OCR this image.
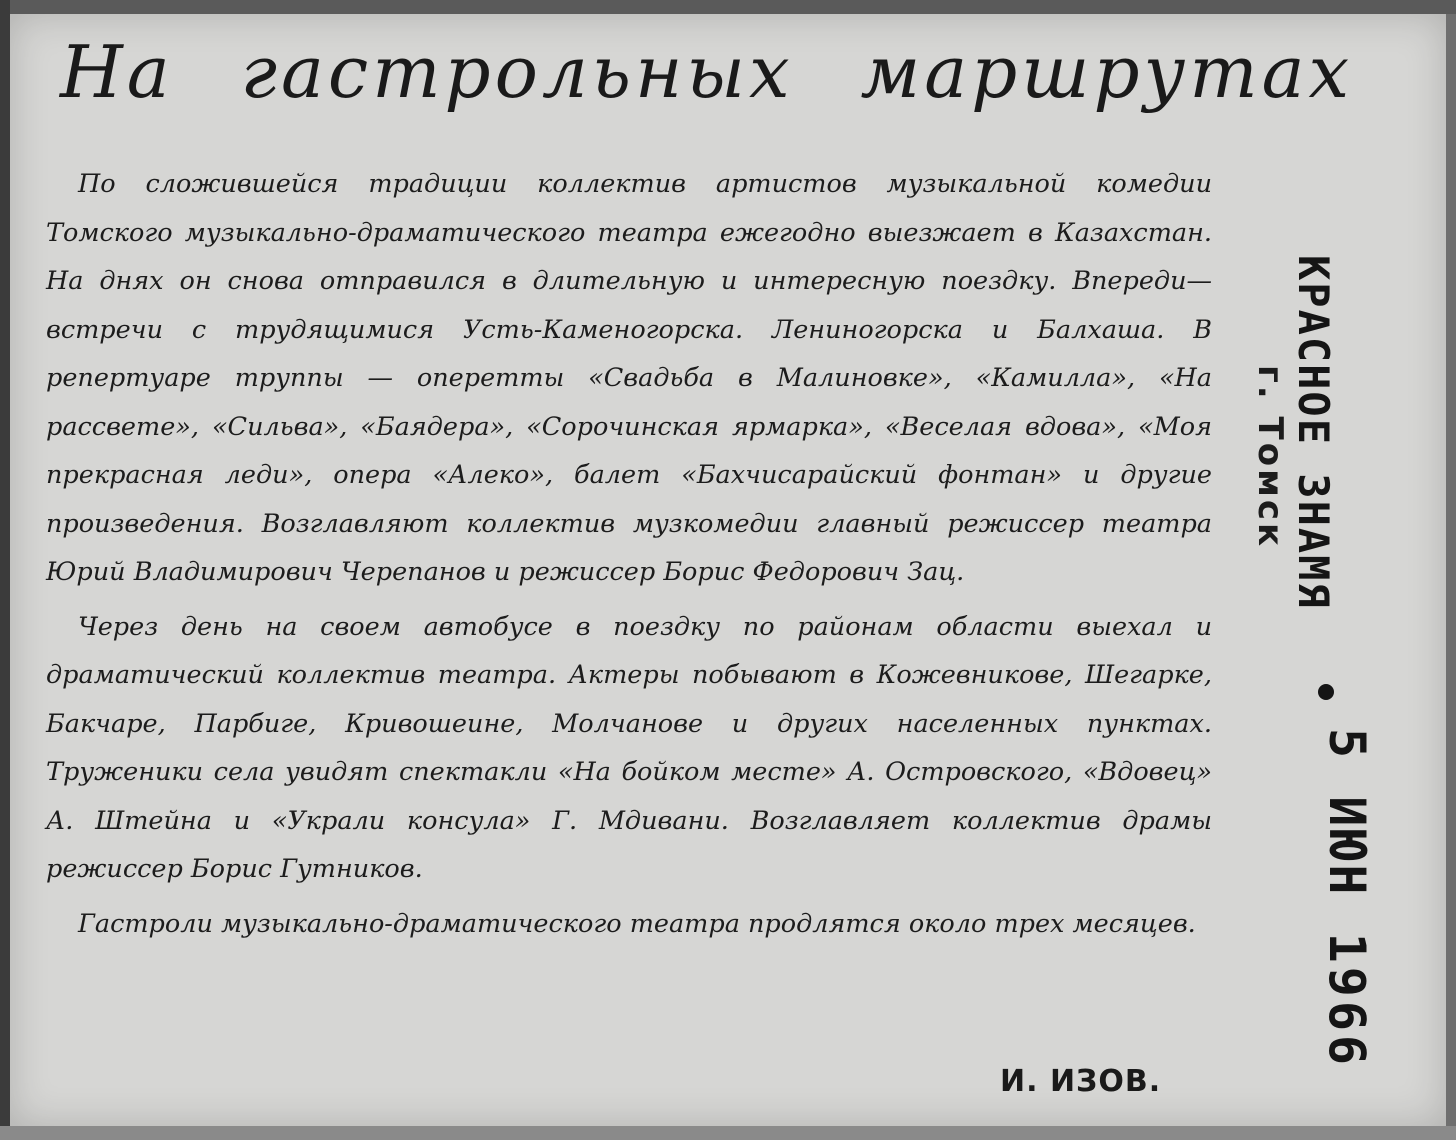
На гастрольных маршрутах

По сложившейся традиции коллектив артистов музыкальной комедии Томского музыкально-драматического театра ежегодно выезжает в Казахстан. На днях он снова отправился в длительную и интересную поездку. Впереди—встречи с трудящимися Усть-Каменогорска. Лениногорска и Балхаша. В репертуаре труппы — оперетты «Свадьба в Малиновке», «Камилла», «На рассвете», «Сильва», «Баядера», «Сорочинская ярмарка», «Веселая вдова», «Моя прекрасная леди», опера «Алеко», балет «Бахчисарайский фонтан» и другие произведения. Возглавляют коллектив музкомедии главный режиссер театра Юрий Владимирович Черепанов и режиссер Борис Федорович Зац.

Через день на своем автобусе в поездку по районам области выехал и драматический коллектив театра. Актеры побывают в Кожевникове, Шегарке, Бакчаре, Парбиге, Кривошеине, Молчанове и других населенных пунктах. Труженики села увидят спектакли «На бойком месте» А. Островского, «Вдовец» А. Штейна и «Украли консула» Г. Мдивани. Возглавляет коллектив драмы режиссер Борис Гутников.

Гастроли музыкально-драматического театра продлятся около трех месяцев.

И. ИЗОВ.
КРАСНОЕ ЗНАМЯ
г. Томск
5 ИЮН 1966
